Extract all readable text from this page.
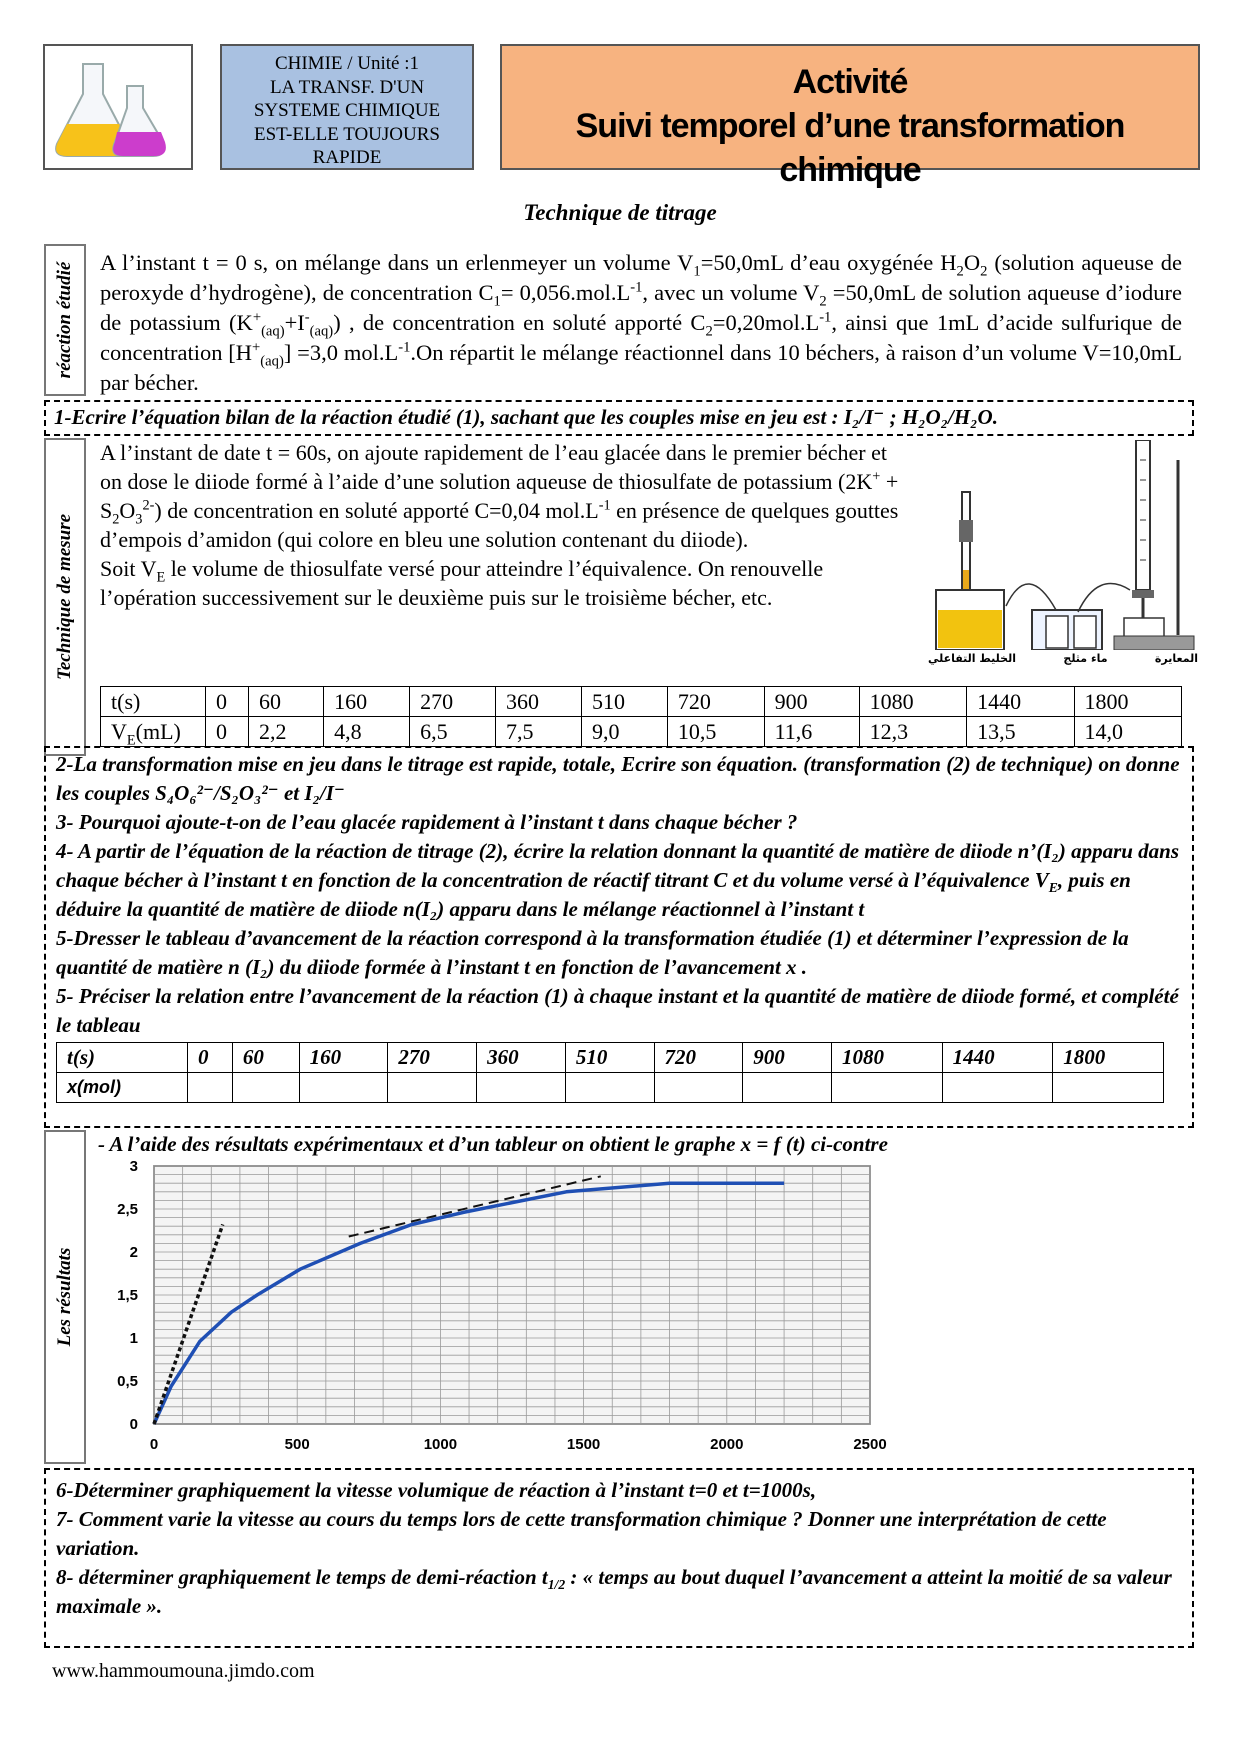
CHIMIE / Unité :1
LA TRANSF. D'UN
SYSTEME CHIMIQUE
EST-ELLE TOUJOURS
RAPIDE
Activité
Suivi temporel d’une transformation chimique
Technique de titrage
réaction étudié A l’instant t = 0 s, on mélange dans un erlenmeyer un volume $V_1=50,0mL$ d’eau oxygénée $H_2O_2$ (solution aqueuse de peroxyde d’hydrogène), de concentration $C_1= 0,056.mol.L^{-1}$, avec un volume $V_2 =50,0mL$ de solution aqueuse d’iodure de potassium $(K^+_{(aq)}+I^-_{(aq)})$ , de concentration en soluté apporté $C_2=0,20mol.L^{-1}$, ainsi que 1mL d’acide sulfurique de concentration $[H^+_{(aq)}] =3,0$ $mol.L^{-1}.On$ répartit le mélange réactionnel dans 10 béchers, à raison d’un volume V=10,0mL par bécher.
1-Ecrire l’équation bilan de la réaction étudié (1), sachant que les couples mise en jeu est : I₂/I⁻ ; H₂O₂/H₂O.
Technique de mesure
A l’instant de date t = 60s, on ajoute rapidement de l’eau glacée dans le premier bécher et on dose le diiode formé à l’aide d’une solution aqueuse de thiosulfate de potassium $(2K^+ + S_2O_3^{2-})$ de concentration en soluté apporté C=0,04 $mol.L^{-1}$ en présence de quelques gouttes d’empois d’amidon (qui colore en bleu une solution contenant du diiode).
Soit $V_E$ le volume de thiosulfate versé pour atteindre l’équivalence. On renouvelle l’opération successivement sur le deuxième puis sur le troisième bécher, etc.
الخليط التفاعلي	ماء مثلج	المعايرة
t(s)	0	60	160	270	360	510	720	900	1080	1440	1800
$V_E(mL)$	0	2,2	4,8	6,5	7,5	9,0	10,5	11,6	12,3	13,5	14,0
2-La transformation mise en jeu dans le titrage est rapide, totale, Ecrire son équation. (transformation (2) de technique) on donne les couples S₄O₆²⁻/S₂O₃²⁻ et I₂/I⁻
3- Pourquoi ajoute-t-on de l’eau glacée rapidement à l’instant t dans chaque bécher ?
4- A partir de l’équation de la réaction de titrage (2), écrire la relation donnant la quantité de matière de diiode n’(I₂) apparu dans chaque bécher à l’instant t en fonction de la concentration de réactif titrant C et du volume versé à l’équivalence $V_E$, puis en déduire la quantité de matière de diiode n(I₂) apparu dans le mélange réactionnel à l’instant t
5-Dresser le tableau d’avancement de la réaction correspond à la transformation étudiée (1) et déterminer l’expression de la quantité de matière n (I₂) du diiode formée à l’instant t en fonction de l’avancement x .
5- Préciser la relation entre l’avancement de la réaction (1) à chaque instant et la quantité de matière de diiode formé, et complété le tableau
t(s)	0	60	160	270	360	510	720	900	1080	1440	1800
x(mol)											
Les résultats
- A l’aide des résultats expérimentaux et d’un tableur on obtient le graphe x = f (t) ci-contre
0	500	1000	1500	2000	2500
0
0,5
1
1,5
2
2,5
3
6-Déterminer graphiquement la vitesse volumique de réaction à l’instant t=0 et t=1000s,
7- Comment varie la vitesse au cours du temps lors de cette transformation chimique ? Donner une interprétation de cette variation.
8- déterminer graphiquement le temps de demi-réaction $t_{1/2}$ : « temps au bout duquel l’avancement a atteint la moitié de sa valeur maximale ».
www.hammoumouna.jimdo.com
